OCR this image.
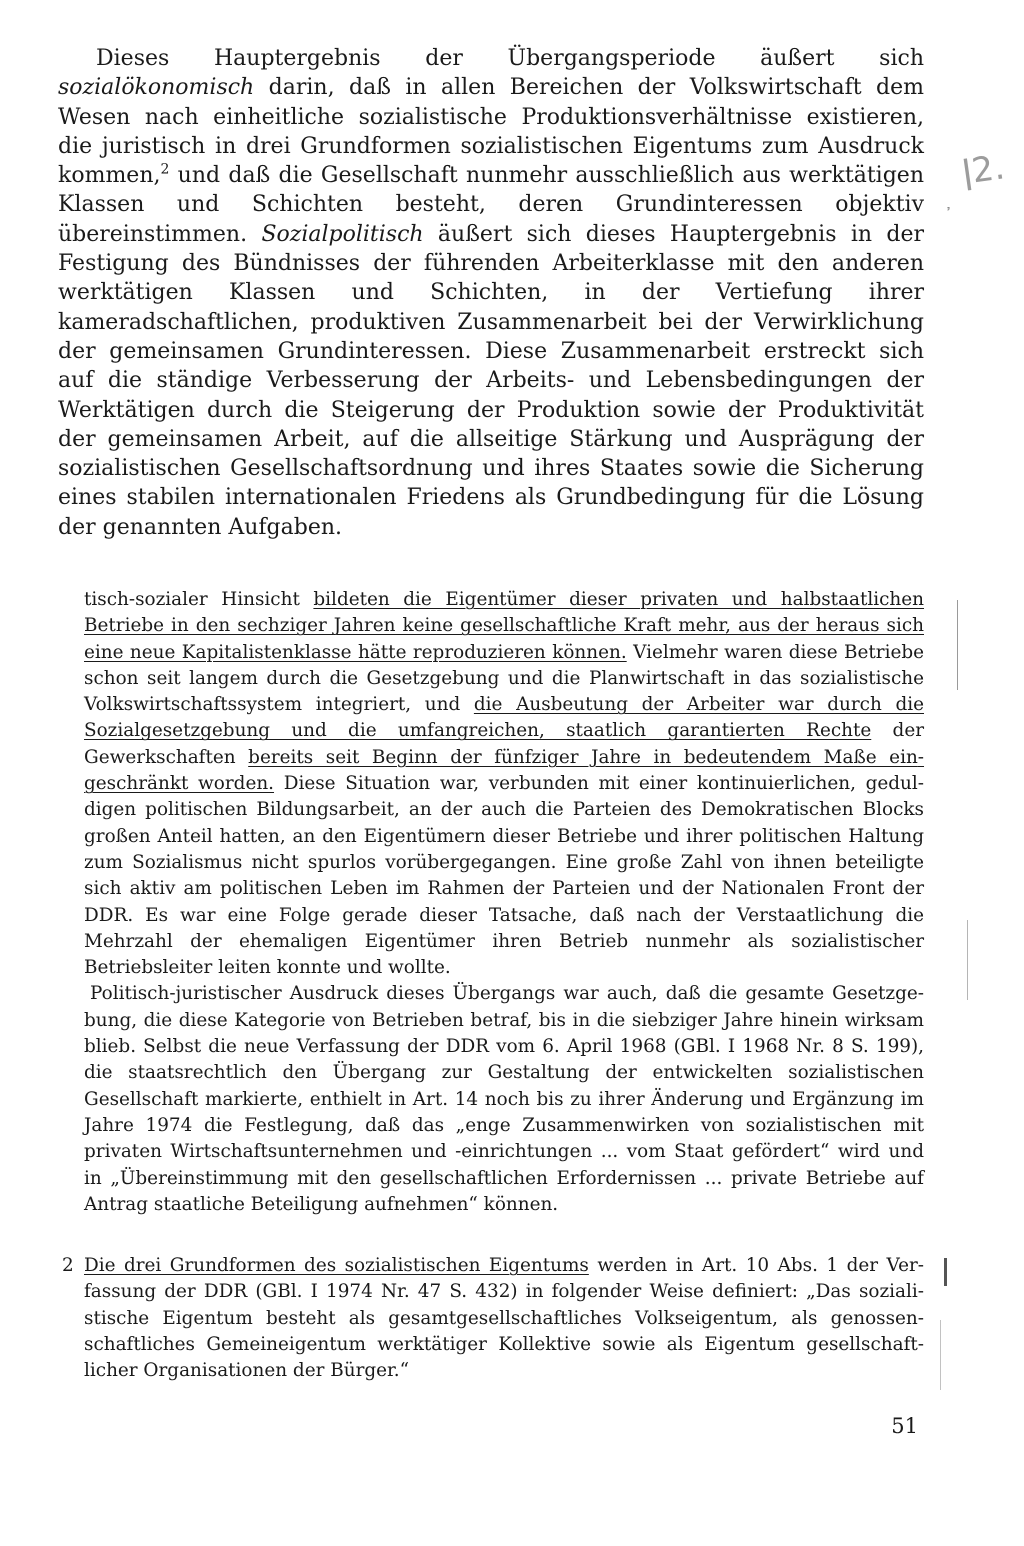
Dieses Hauptergebnis der Übergangsperiode äußert sich sozialökonomisch darin, daß in allen Bereichen der Volkswirtschaft dem Wesen nach einheitliche sozialistische Produktionsverhältnisse existieren, die juristisch in drei Grundformen sozialistischen Eigentums zum Ausdruck kommen,$^2$ und daß die Gesellschaft nunmehr ausschließlich aus werktätigen Klassen und Schichten besteht, deren Grundinteressen objektiv übereinstimmen. Sozialpolitisch äußert sich dieses Hauptergebnis in der Festigung des Bündnisses der führenden Arbeiterklasse mit den anderen werktätigen Klassen und Schichten, in der Vertiefung ihrer kameradschaftlichen, produktiven Zusammenarbeit bei der Verwirklichung der gemeinsamen Grundinteressen. Diese Zusammenarbeit erstreckt sich auf die ständige Verbesserung der Arbeits- und Lebensbedingungen der Werktätigen durch die Steigerung der Produktion sowie der Produktivität der gemeinsamen Arbeit, auf die allseitige Stärkung und Ausprägung der sozialistischen Gesellschaftsordnung und ihres Staates sowie die Sicherung eines stabilen internationalen Friedens als Grundbedingung für die Lösung der genannten Aufgaben.

tisch-sozialer Hinsicht bildeten die Eigentümer dieser privaten und halbstaatlichen Betriebe in den sechziger Jahren keine gesellschaftliche Kraft mehr, aus der heraus sich eine neue Kapitalistenklasse hätte reproduzieren können. Vielmehr waren diese Betriebe schon seit langem durch die Gesetzgebung und die Planwirtschaft in das sozialistische Volkswirtschaftssystem integriert, und die Ausbeutung der Arbeiter war durch die Sozialgesetzgebung und die umfangreichen, staatlich garantierten Rechte der Gewerkschaften bereits seit Beginn der fünfziger Jahre in bedeutendem Maße eingeschränkt worden. Diese Situation war, verbunden mit einer kontinuierlichen, geduldigen politischen Bildungsarbeit, an der auch die Parteien des Demokratischen Blocks großen Anteil hatten, an den Eigentümern dieser Betriebe und ihrer politischen Haltung zum Sozialismus nicht spurlos vorübergegangen. Eine große Zahl von ihnen beteiligte sich aktiv am politischen Leben im Rahmen der Parteien und der Nationalen Front der DDR. Es war eine Folge gerade dieser Tatsache, daß nach der Verstaatlichung die Mehrzahl der ehemaligen Eigentümer ihren Betrieb nunmehr als sozialistischer Betriebsleiter leiten konnte und wollte.

Politisch-juristischer Ausdruck dieses Übergangs war auch, daß die gesamte Gesetzgebung, die diese Kategorie von Betrieben betraf, bis in die siebziger Jahre hinein wirksam blieb. Selbst die neue Verfassung der DDR vom 6. April 1968 (GBl. I 1968 Nr. 8 S. 199), die staatsrechtlich den Übergang zur Gestaltung der entwickelten sozialistischen Gesellschaft markierte, enthielt in Art. 14 noch bis zu ihrer Änderung und Ergänzung im Jahre 1974 die Festlegung, daß das „enge Zusammenwirken von sozialistischen mit privaten Wirtschaftsunternehmen und -einrichtungen ... vom Staat gefördert“ wird und in „Übereinstimmung mit den gesellschaftlichen Erfordernissen ... private Betriebe auf Antrag staatliche Beteiligung aufnehmen“ können.

2 Die drei Grundformen des sozialistischen Eigentums werden in Art. 10 Abs. 1 der Verfassung der DDR (GBl. I 1974 Nr. 47 S. 432) in folgender Weise definiert: „Das sozialistische Eigentum besteht als gesamtgesellschaftliches Volkseigentum, als genossenschaftliches Gemeineigentum werktätiger Kollektive sowie als Eigentum gesellschaftlicher Organisationen der Bürger.“
51
ǀ2.
᾿
